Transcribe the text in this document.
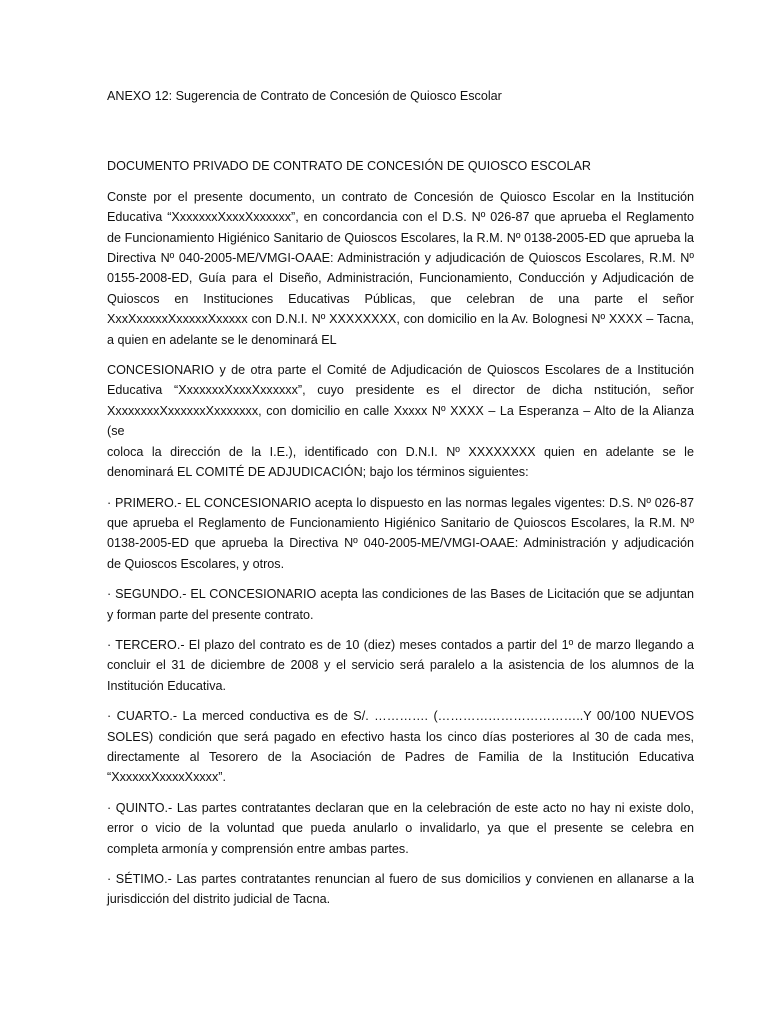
ANEXO 12: Sugerencia de Contrato de Concesión de Quiosco Escolar

DOCUMENTO PRIVADO DE CONTRATO DE CONCESIÓN DE QUIOSCO ESCOLAR

Conste por el presente documento, un contrato de Concesión de Quiosco Escolar en la Institución
Educativa “XxxxxxxXxxxXxxxxxx”, en concordancia con el D.S. Nº 026-87 que aprueba el Reglamento
de Funcionamiento Higiénico Sanitario de Quioscos Escolares, la R.M. Nº 0138-2005-ED que aprueba la
Directiva Nº 040-2005-ME/VMGI-OAAE: Administración y adjudicación de Quioscos Escolares, R.M. Nº
0155-2008-ED, Guía para el Diseño, Administración, Funcionamiento, Conducción y Adjudicación de
Quioscos en Instituciones Educativas Públicas, que celebran de una parte el señor
XxxXxxxxxXxxxxxXxxxxx con D.N.I. Nº XXXXXXXX, con domicilio en la Av. Bolognesi Nº XXXX – Tacna,
a quien en adelante se le denominará EL
CONCESIONARIO y de otra parte el Comité de Adjudicación de Quioscos Escolares de a Institución
Educativa “XxxxxxxXxxxXxxxxxx”, cuyo presidente es el director de dicha nstitución, señor
XxxxxxxxXxxxxxxXxxxxxxx, con domicilio en calle Xxxxx Nº XXXX – La Esperanza – Alto de la Alianza (se
coloca la dirección de la I.E.), identificado con D.N.I. Nº XXXXXXXX quien en adelante se le
denominará EL COMITÉ DE ADJUDICACIÓN; bajo los términos siguientes:
· PRIMERO.- EL CONCESIONARIO acepta lo dispuesto en las normas legales vigentes: D.S. Nº 026-87
que aprueba el Reglamento de Funcionamiento Higiénico Sanitario de Quioscos Escolares, la R.M. Nº
0138-2005-ED que aprueba la Directiva Nº 040-2005-ME/VMGI-OAAE: Administración y adjudicación
de Quioscos Escolares, y otros.
· SEGUNDO.- EL CONCESIONARIO acepta las condiciones de las Bases de Licitación que se adjuntan
y forman parte del presente contrato.
· TERCERO.- El plazo del contrato es de 10 (diez) meses contados a partir del 1º de marzo llegando a
concluir el 31 de diciembre de 2008 y el servicio será paralelo a la asistencia de los alumnos de la
Institución Educativa.
· CUARTO.- La merced conductiva es de S/. …………. (……………………………..Y 00/100 NUEVOS
SOLES) condición que será pagado en efectivo hasta los cinco días posteriores al 30 de cada mes,
directamente al Tesorero de la Asociación de Padres de Familia de la Institución Educativa
“XxxxxxXxxxxXxxxx”.
· QUINTO.- Las partes contratantes declaran que en la celebración de este acto no hay ni existe dolo,
error o vicio de la voluntad que pueda anularlo o invalidarlo, ya que el presente se celebra en
completa armonía y comprensión entre ambas partes.
· SÉTIMO.- Las partes contratantes renuncian al fuero de sus domicilios y convienen en allanarse a la
jurisdicción del distrito judicial de Tacna.
